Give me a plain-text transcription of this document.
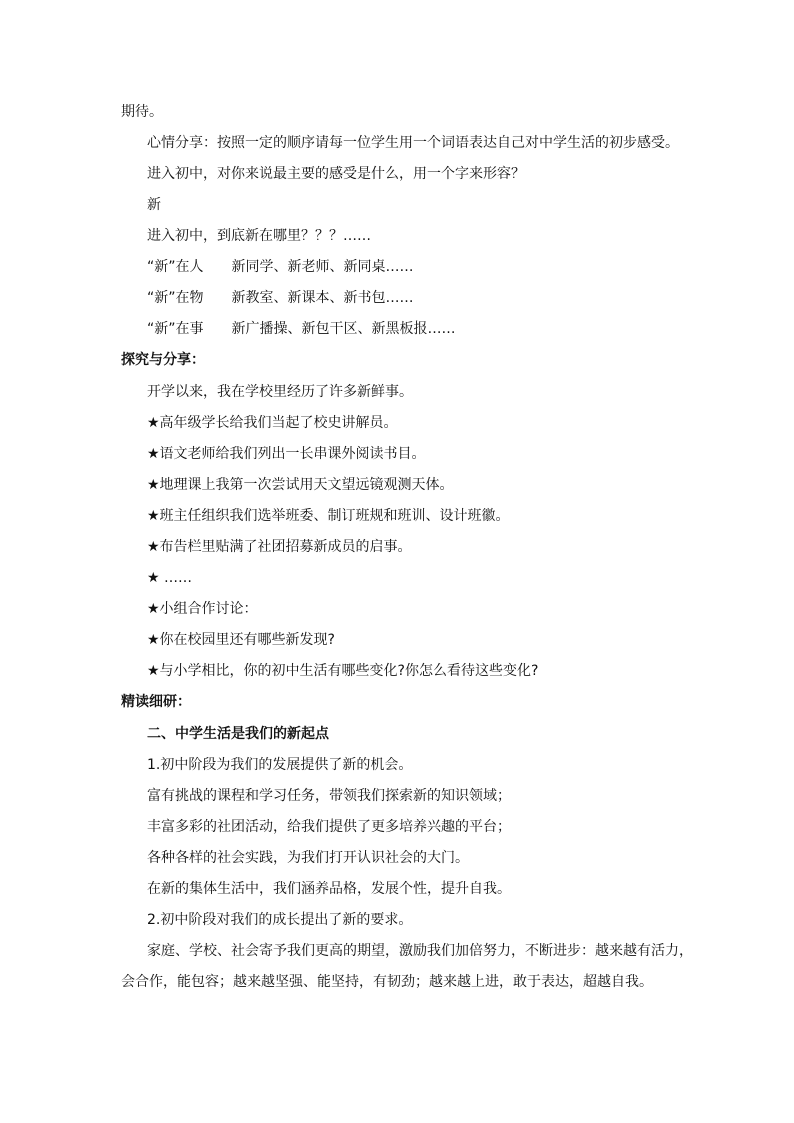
期待。
心情分享：按照一定的顺序请每一位学生用一个词语表达自己对中学生活的初步感受。
进入初中，对你来说最主要的感受是什么，用一个字来形容？
新
进入初中，到底新在哪里？？？……
“新”在人　　新同学、新老师、新同桌……
“新”在物　　新教室、新课本、新书包……
“新”在事　　新广播操、新包干区、新黑板报……
探究与分享：
开学以来，我在学校里经历了许多新鲜事。
★高年级学长给我们当起了校史讲解员。
★语文老师给我们列出一长串课外阅读书目。
★地理课上我第一次尝试用天文望远镜观测天体。
★班主任组织我们选举班委、制订班规和班训、设计班徽。
★布告栏里贴满了社团招募新成员的启事。
★ ……
★小组合作讨论：
★你在校园里还有哪些新发现?
★与小学相比，你的初中生活有哪些变化?你怎么看待这些变化?
精读细研：
二、中学生活是我们的新起点
1.初中阶段为我们的发展提供了新的机会。
富有挑战的课程和学习任务，带领我们探索新的知识领域；
丰富多彩的社团活动，给我们提供了更多培养兴趣的平台；
各种各样的社会实践，为我们打开认识社会的大门。
在新的集体生活中，我们涵养品格，发展个性，提升自我。
2.初中阶段对我们的成长提出了新的要求。
家庭、学校、社会寄予我们更高的期望，激励我们加倍努力，不断进步：越来越有活力，
会合作，能包容；越来越坚强、能坚持，有韧劲；越来越上进，敢于表达，超越自我。
